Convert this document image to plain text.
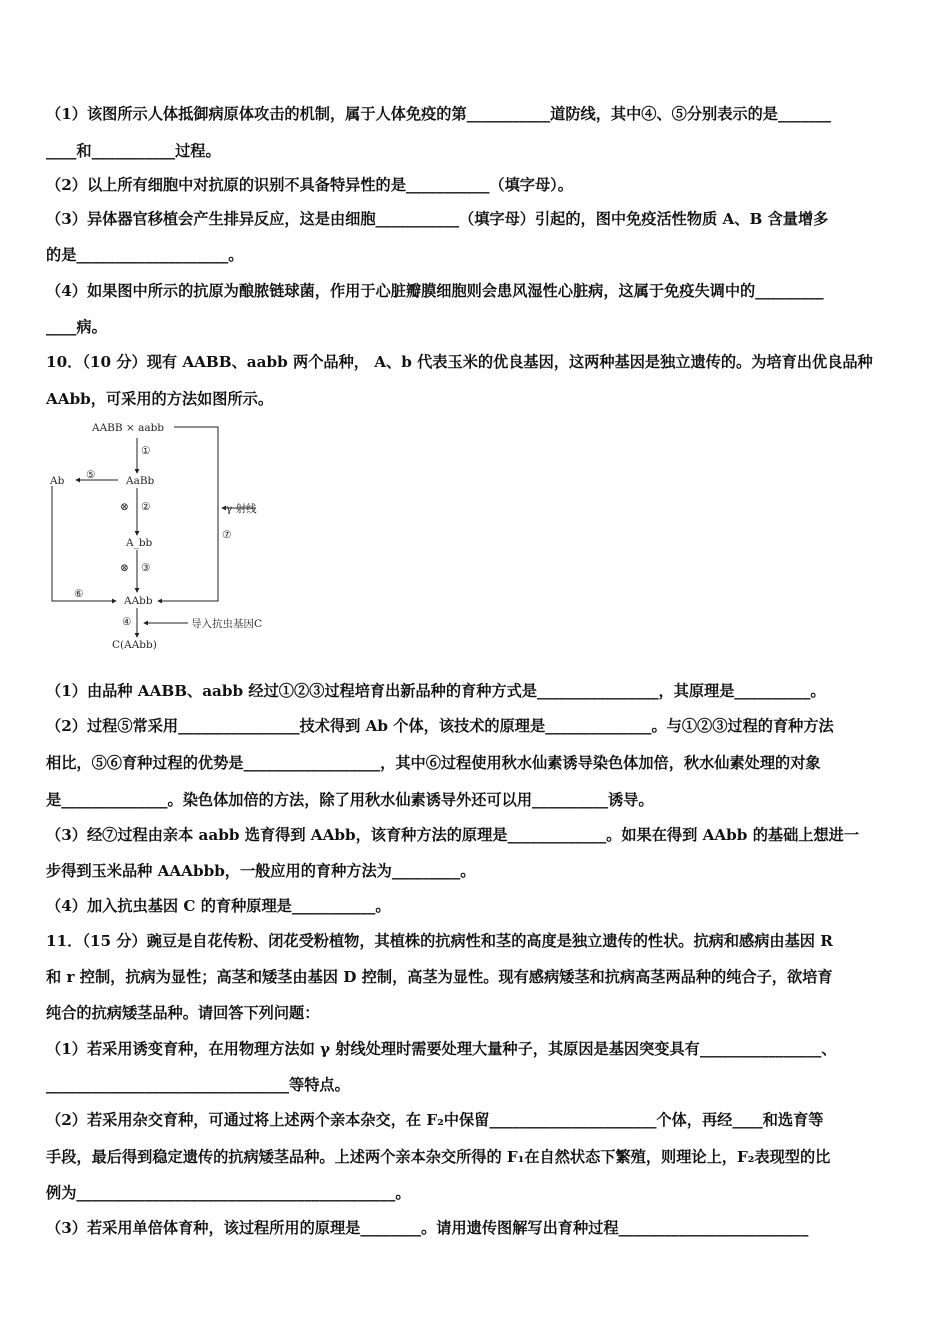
（1）该图所示人体抵御病原体攻击的机制，属于人体免疫的第___________道防线，其中④、⑤分别表示的是_______
____和___________过程。
（2）以上所有细胞中对抗原的识别不具备特异性的是___________（填字母）。
（3）异体器官移植会产生排异反应，这是由细胞___________（填字母）引起的，图中免疫活性物质 A、B 含量增多
的是____________________。
（4）如果图中所示的抗原为酿脓链球菌，作用于心脏瓣膜细胞则会患风湿性心脏病，这属于免疫失调中的_________
____病。
10．（10 分）现有 AABB、aabb 两个品种， A、b 代表玉米的优良基因，这两种基因是独立遗传的。为培育出优良品种
AAbb，可采用的方法如图所示。
AABB × aabb
①
AaBb
⑤
Ab
⊗ ②	γ 射线
⑦
A_bb
⊗ ③
⑥
AAbb
④	导入抗虫基因C
C(AAbb)
（1）由品种 AABB、aabb 经过①②③过程培育出新品种的育种方式是________________，其原理是__________。
（2）过程⑤常采用________________技术得到 Ab 个体，该技术的原理是______________。与①②③过程的育种方法
相比，⑤⑥育种过程的优势是__________________，其中⑥过程使用秋水仙素诱导染色体加倍，秋水仙素处理的对象
是______________。染色体加倍的方法，除了用秋水仙素诱导外还可以用__________诱导。
（3）经⑦过程由亲本 aabb 选育得到 AAbb，该育种方法的原理是_____________。如果在得到 AAbb 的基础上想进一
步得到玉米品种 AAAbbb，一般应用的育种方法为_________。
（4）加入抗虫基因 C 的育种原理是___________。
11．（15 分）豌豆是自花传粉、闭花受粉植物，其植株的抗病性和茎的高度是独立遗传的性状。抗病和感病由基因 R
和 r 控制，抗病为显性；高茎和矮茎由基因 D 控制，高茎为显性。现有感病矮茎和抗病高茎两品种的纯合子，欲培育
纯合的抗病矮茎品种。请回答下列问题：
（1）若采用诱变育种，在用物理方法如 γ 射线处理时需要处理大量种子，其原因是基因突变具有________________、
________________________________等特点。
（2）若采用杂交育种，可通过将上述两个亲本杂交，在 F₂中保留______________________个体，再经____和选育等
手段，最后得到稳定遗传的抗病矮茎品种。上述两个亲本杂交所得的 F₁在自然状态下繁殖，则理论上，F₂表现型的比
例为__________________________________________。
（3）若采用单倍体育种，该过程所用的原理是________。请用遗传图解写出育种过程_________________________
